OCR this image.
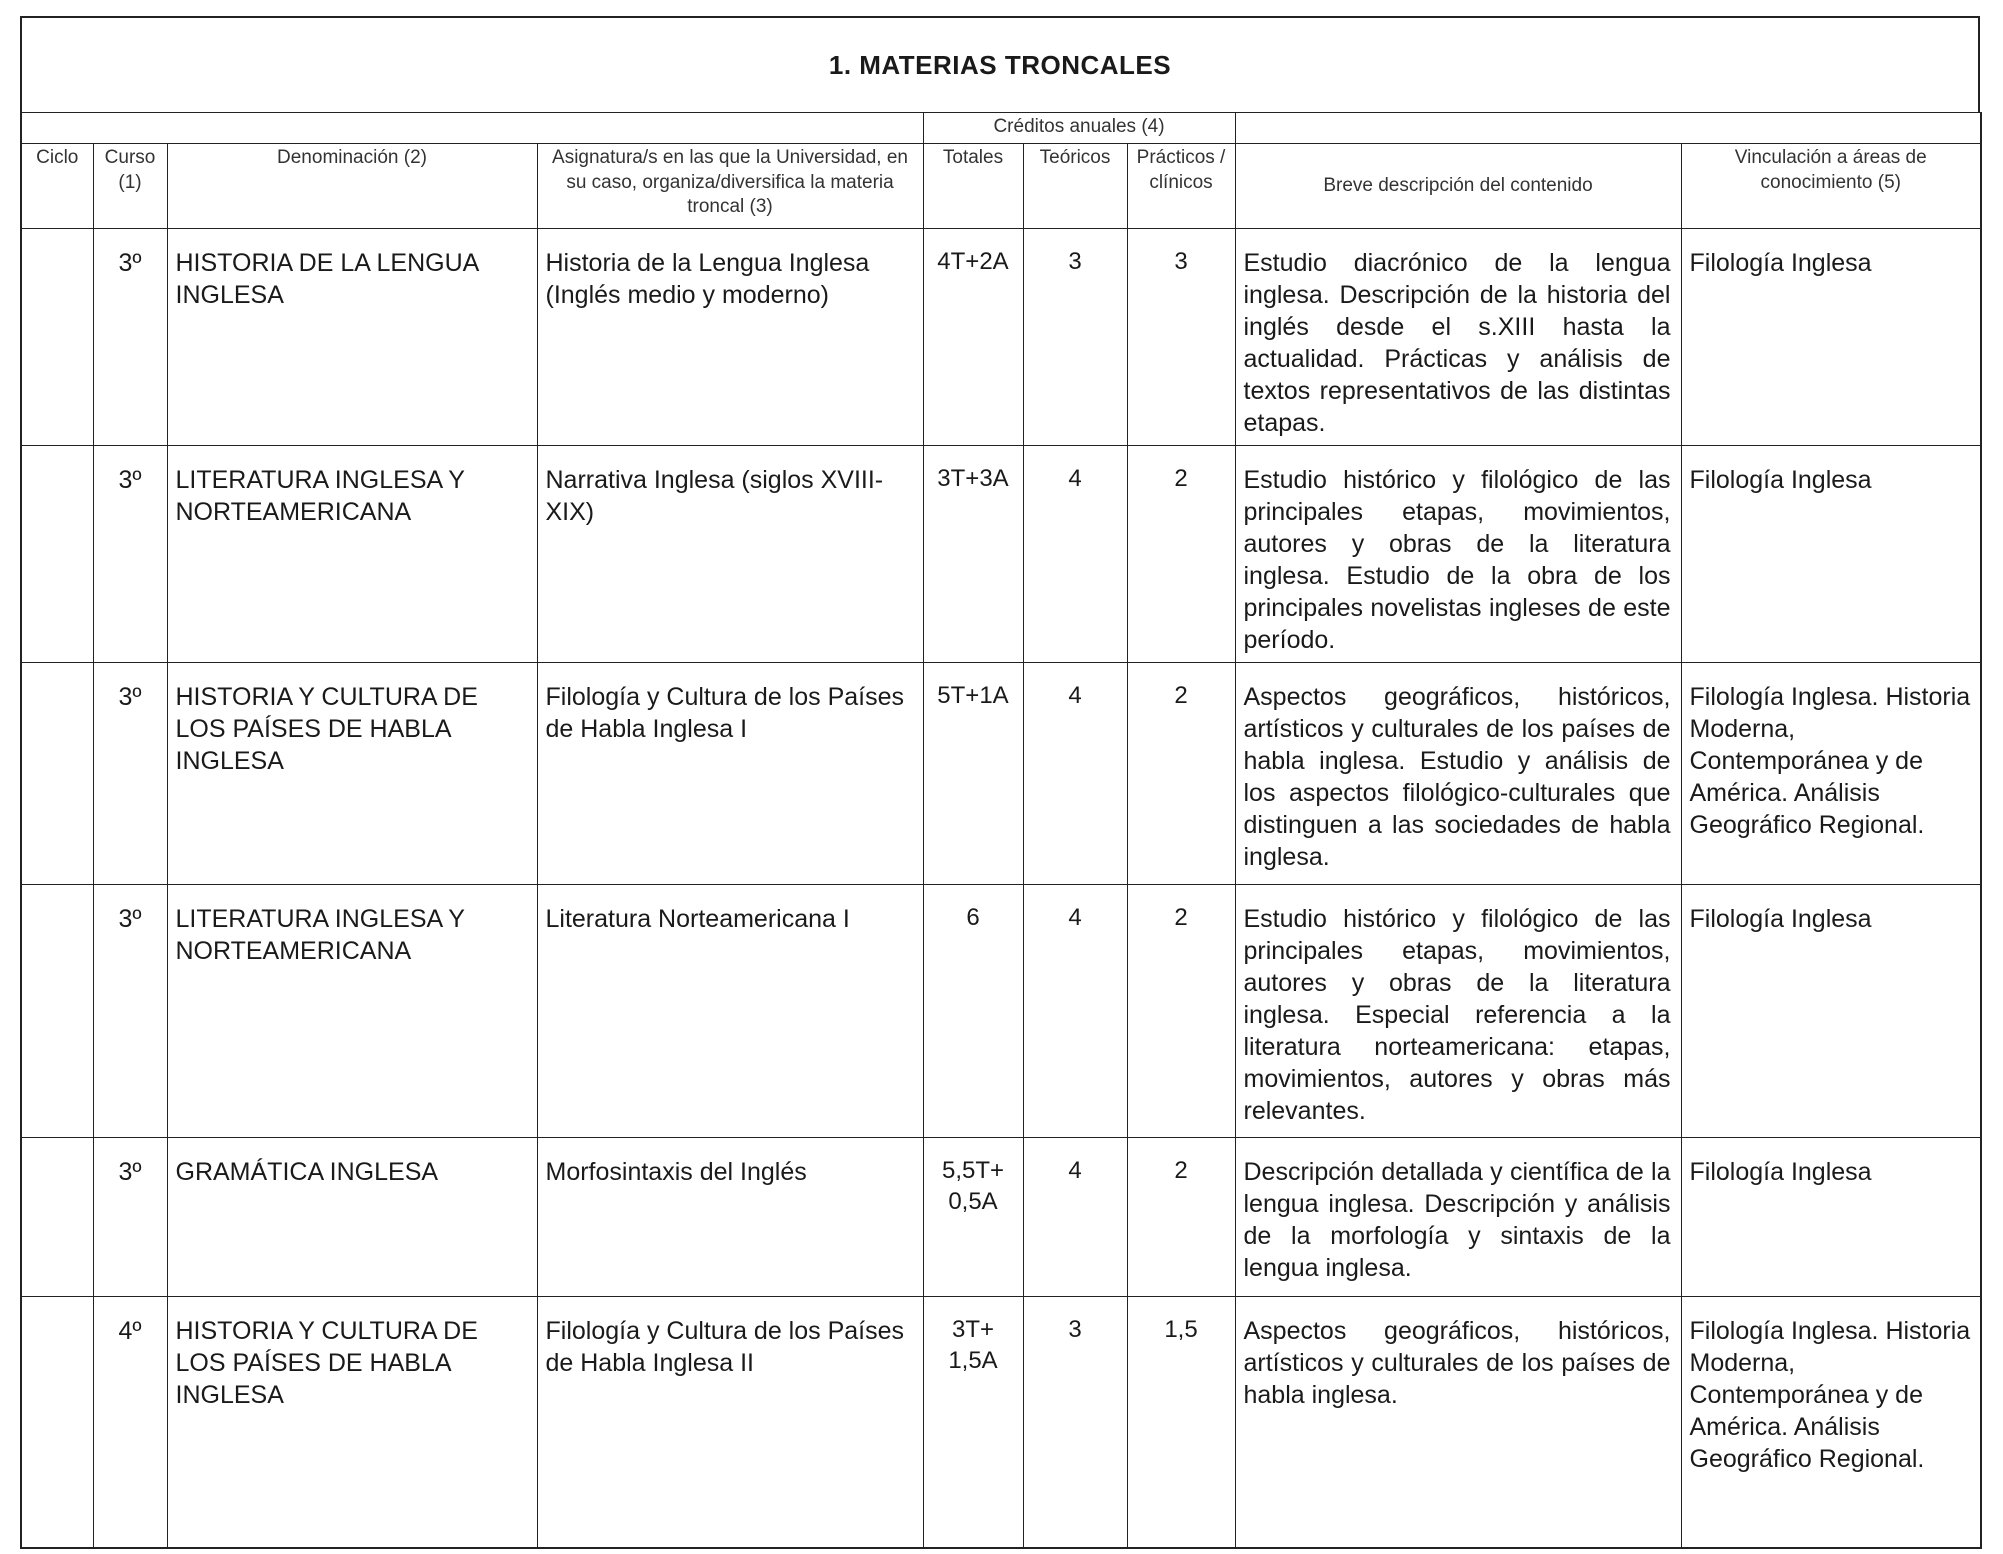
1. MATERIAS TRONCALES
				Créditos anuales (4)				
Ciclo	Curso (1)	Denominación (2)	Asignatura/s en las que la Universidad, en su caso, organiza/diversifica la materia troncal (3)	Totales	Teóricos	Prácticos / clínicos	Breve descripción del contenido	Vinculación a áreas de conocimiento (5)
	3º	HISTORIA DE LA LENGUA INGLESA	Historia de la Lengua Inglesa (Inglés medio y moderno)	4T+2A	3	3	Estudio diacrónico de la lengua inglesa. Descripción de la historia del inglés desde el s.XIII hasta la actualidad. Prácticas y análisis de textos representativos de las distintas etapas.	Filología Inglesa
	3º	LITERATURA INGLESA Y NORTEAMERICANA	Narrativa Inglesa (siglos XVIII-XIX)	3T+3A	4	2	Estudio histórico y filológico de las principales etapas, movimientos, autores y obras de la literatura inglesa. Estudio de la obra de los principales novelistas ingleses de este período.	Filología Inglesa
	3º	HISTORIA Y CULTURA DE LOS PAÍSES DE HABLA INGLESA	Filología y Cultura de los Países de Habla Inglesa I	5T+1A	4	2	Aspectos geográficos, históricos, artísticos y culturales de los países de habla inglesa. Estudio y análisis de los aspectos filológico-culturales que distinguen a las sociedades de habla inglesa.	Filología Inglesa. Historia Moderna, Contemporánea y de América. Análisis Geográfico Regional.
	3º	LITERATURA INGLESA Y NORTEAMERICANA	Literatura Norteamericana I	6	4	2	Estudio histórico y filológico de las principales etapas, movimientos, autores y obras de la literatura inglesa. Especial referencia a la literatura norteamericana: etapas, movimientos, autores y obras más relevantes.	Filología Inglesa
	3º	GRAMÁTICA INGLESA	Morfosintaxis del Inglés	5,5T+ 0,5A	4	2	Descripción detallada y científica de la lengua inglesa. Descripción y análisis de la morfología y sintaxis de la lengua inglesa.	Filología Inglesa
	4º	HISTORIA Y CULTURA DE LOS PAÍSES DE HABLA INGLESA	Filología y Cultura de los Países de Habla Inglesa II	3T+ 1,5A	3	1,5	Aspectos geográficos, históricos, artísticos y culturales de los países de habla inglesa.	Filología Inglesa. Historia Moderna, Contemporánea y de América. Análisis Geográfico Regional.
